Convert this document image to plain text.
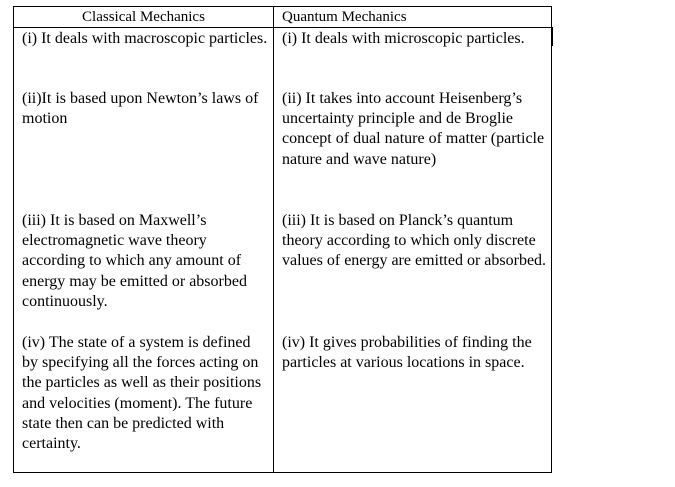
Classical Mechanics	Quantum Mechanics

(i) It deals with macroscopic particles. (i) It deals with microscopic particles.

(ii)It is based upon Newton’s laws of motion

(ii) It takes into account Heisenberg’s uncertainty principle and de Broglie concept of dual nature of matter (particle nature and wave nature)

(iii) It is based on Maxwell’s electromagnetic wave theory according to which any amount of energy may be emitted or absorbed continuously.

(iii) It is based on Planck’s quantum theory according to which only discrete values of energy are emitted or absorbed.

(iv) The state of a system is defined by specifying all the forces acting on the particles as well as their positions and velocities (moment). The future state then can be predicted with certainty.

(iv) It gives probabilities of finding the particles at various locations in space.
